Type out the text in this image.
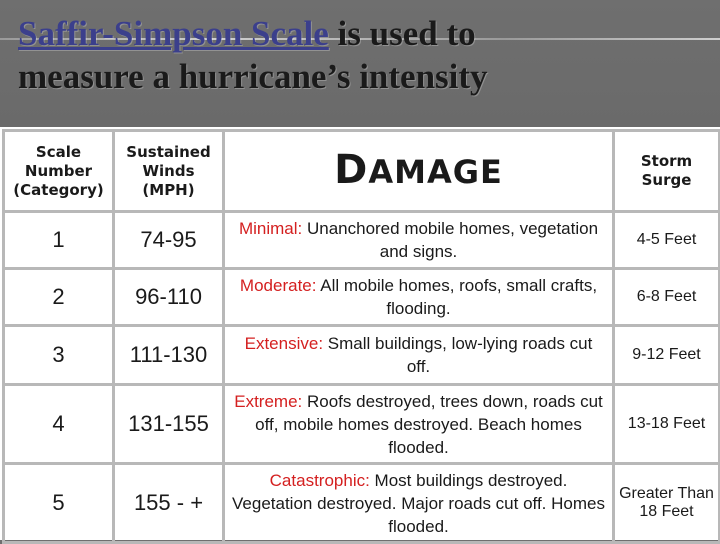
Saffir-Simpson Scale is used to
measure a hurricane’s intensity
Scale Number (Category)	Sustained Winds (MPH)	DAMAGE	Storm Surge
1	74-95	Minimal: Unanchored mobile homes, vegetation and signs.	4-5 Feet
2	96-110	Moderate: All mobile homes, roofs, small crafts, flooding.	6-8 Feet
3	111-130	Extensive: Small buildings, low-lying roads cut off.	9-12 Feet
4	131-155	Extreme: Roofs destroyed, trees down, roads cut off, mobile homes destroyed. Beach homes flooded.	13-18 Feet
5	155 - +	Catastrophic: Most buildings destroyed. Vegetation destroyed. Major roads cut off. Homes flooded.	Greater Than 18 Feet
